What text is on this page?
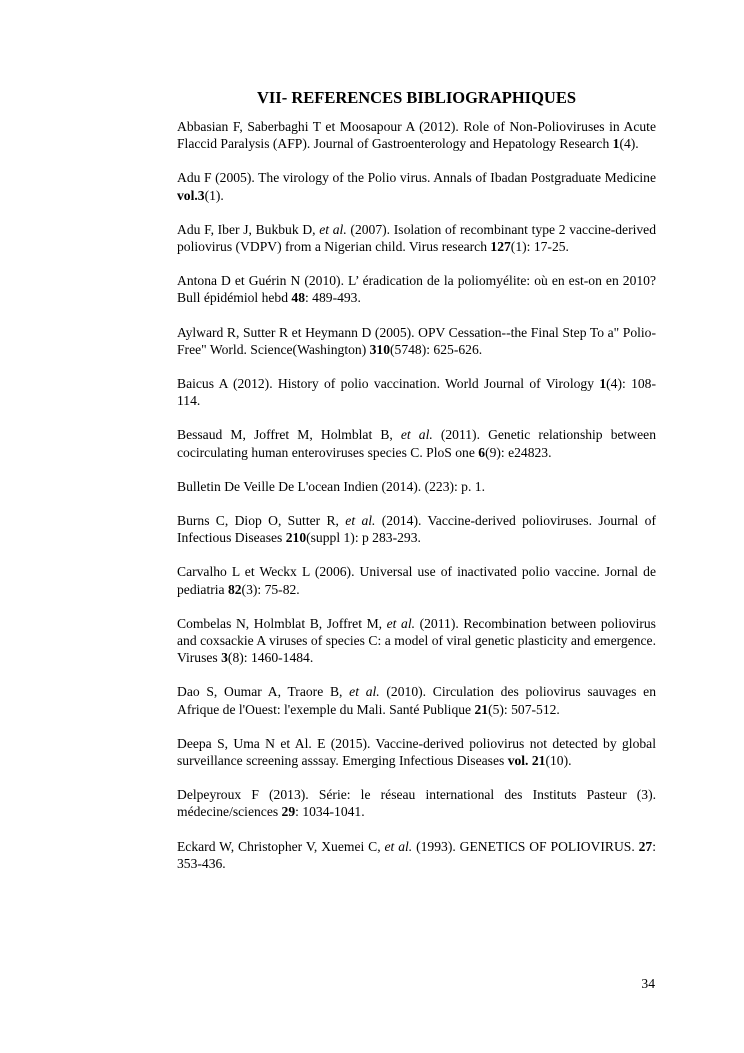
VII- REFERENCES BIBLIOGRAPHIQUES

Abbasian F, Saberbaghi T et Moosapour A (2012). Role of Non-Polioviruses in Acute Flaccid Paralysis (AFP). Journal of Gastroenterology and Hepatology Research 1(4).

Adu F (2005). The virology of the Polio virus. Annals of Ibadan Postgraduate Medicine vol.3(1).

Adu F, Iber J, Bukbuk D, et al. (2007). Isolation of recombinant type 2 vaccine-derived poliovirus (VDPV) from a Nigerian child. Virus research 127(1): 17-25.

Antona D et Guérin N (2010). L’ éradication de la poliomyélite: où en est-on en 2010? Bull épidémiol hebd 48: 489-493.

Aylward R, Sutter R et Heymann D (2005). OPV Cessation--the Final Step To a" Polio-Free" World. Science(Washington) 310(5748): 625-626.

Baicus A (2012). History of polio vaccination. World Journal of Virology 1(4): 108-114.

Bessaud M, Joffret M, Holmblat B, et al. (2011). Genetic relationship between cocirculating human enteroviruses species C. PloS one 6(9): e24823.

Bulletin De Veille De L'ocean Indien (2014). (223): p. 1.

Burns C, Diop O, Sutter R, et al. (2014). Vaccine-derived polioviruses. Journal of Infectious Diseases 210(suppl 1): p 283-293.

Carvalho L et Weckx L (2006). Universal use of inactivated polio vaccine. Jornal de pediatria 82(3): 75-82.

Combelas N, Holmblat B, Joffret M, et al. (2011). Recombination between poliovirus and coxsackie A viruses of species C: a model of viral genetic plasticity and emergence. Viruses 3(8): 1460-1484.

Dao S, Oumar A, Traore B, et al. (2010). Circulation des poliovirus sauvages en Afrique de l'Ouest: l'exemple du Mali. Santé Publique 21(5): 507-512.

Deepa S, Uma N et Al. E (2015). Vaccine-derived poliovirus not detected by global surveillance screening asssay. Emerging Infectious Diseases vol. 21(10).

Delpeyroux F (2013). Série: le réseau international des Instituts Pasteur (3). médecine/sciences 29: 1034-1041.

Eckard W, Christopher V, Xuemei C, et al. (1993). GENETICS OF POLIOVIRUS. 27: 353-436.

34
